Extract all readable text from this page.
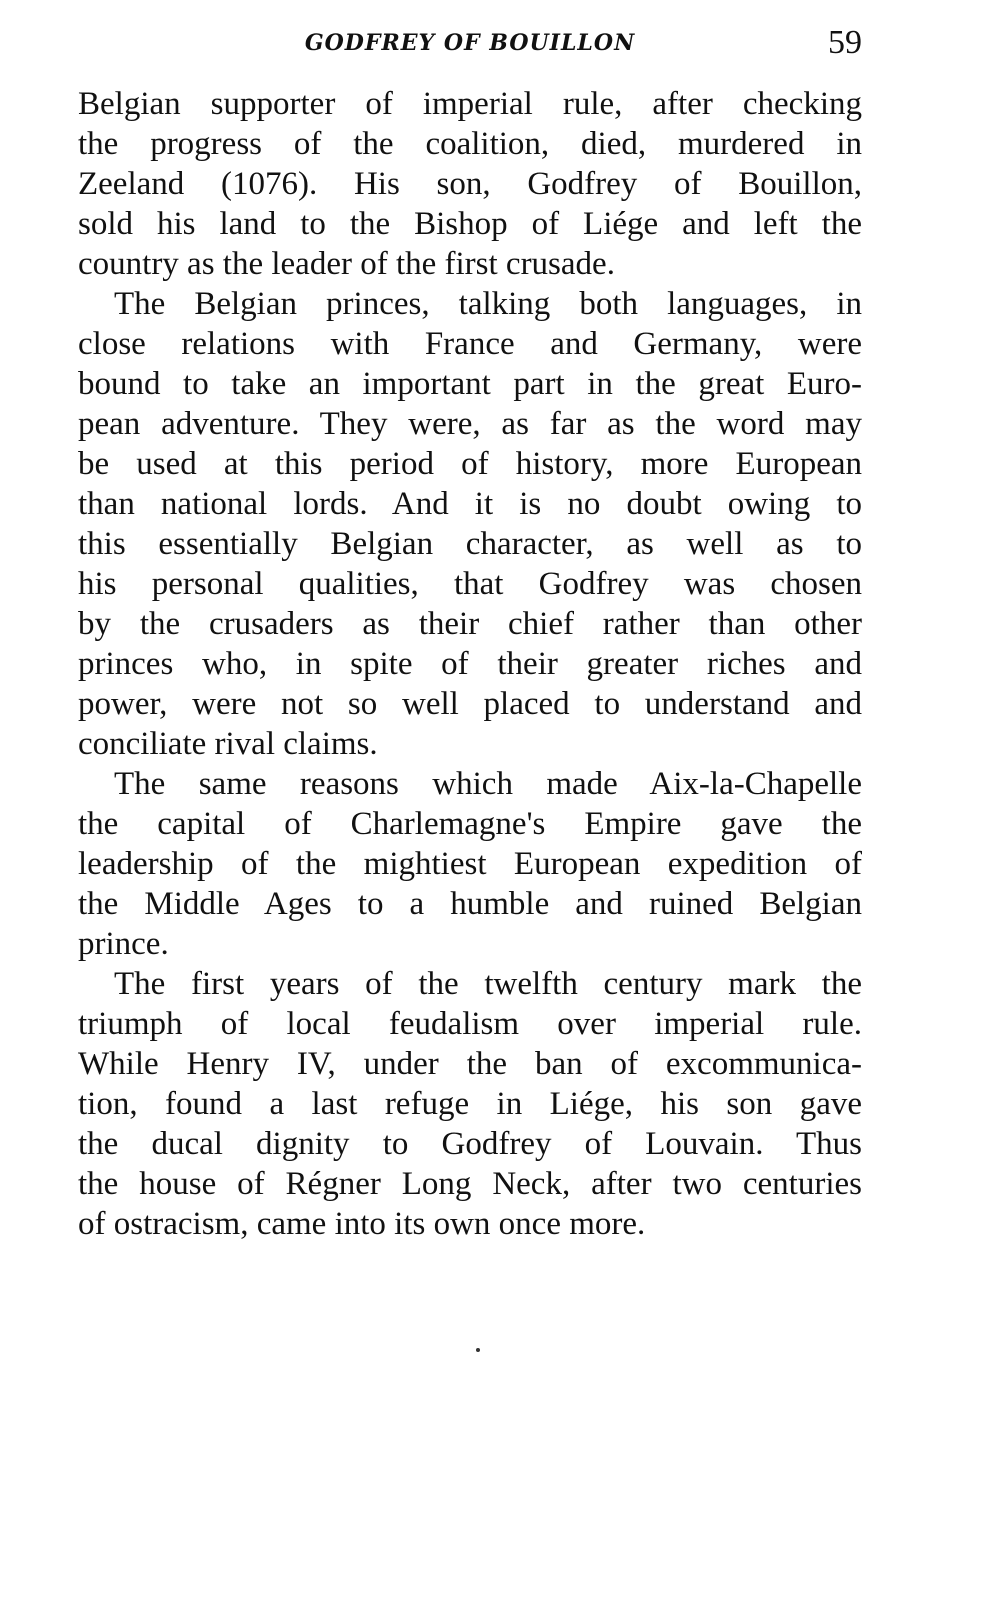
GODFREY OF BOUILLON	59
Belgian supporter of imperial rule, after checking
the progress of the coalition, died, murdered in
Zeeland (1076). His son, Godfrey of Bouillon,
sold his land to the Bishop of Liége and left the
country as the leader of the first crusade.
The Belgian princes, talking both languages, in
close relations with France and Germany, were
bound to take an important part in the great Euro-
pean adventure. They were, as far as the word may
be used at this period of history, more European
than national lords. And it is no doubt owing to
this essentially Belgian character, as well as to
his personal qualities, that Godfrey was chosen
by the crusaders as their chief rather than other
princes who, in spite of their greater riches and
power, were not so well placed to understand and
conciliate rival claims.
The same reasons which made Aix-la-Chapelle
the capital of Charlemagne's Empire gave the
leadership of the mightiest European expedition of
the Middle Ages to a humble and ruined Belgian
prince.
The first years of the twelfth century mark the
triumph of local feudalism over imperial rule.
While Henry IV, under the ban of excommunica-
tion, found a last refuge in Liége, his son gave
the ducal dignity to Godfrey of Louvain. Thus
the house of Régner Long Neck, after two centuries
of ostracism, came into its own once more.
